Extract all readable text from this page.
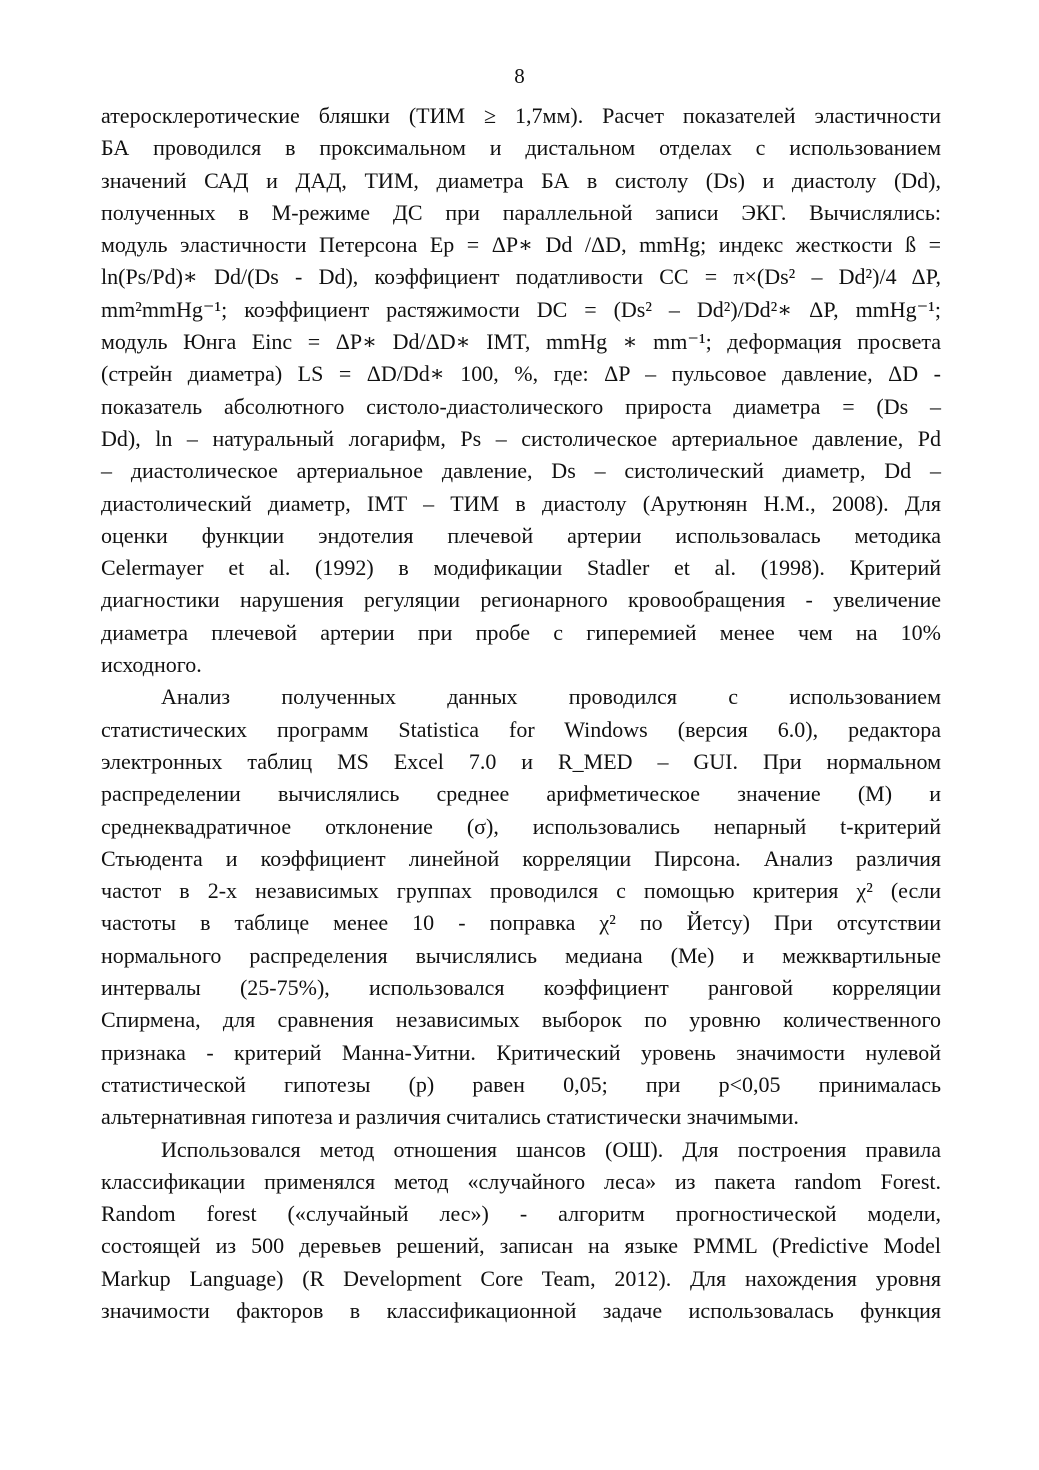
8
атеросклеротические бляшки (ТИМ ≥ 1,7мм). Расчет показателей эластичности
БА проводился в проксимальном и дистальном отделах с использованием
значений САД и ДАД, ТИМ, диаметра БА в систолу (Ds) и диастолу (Dd),
полученных в М-режиме ДС при параллельной записи ЭКГ. Вычислялись:
модуль эластичности Петерсона Ep = ΔP∗ Dd /ΔD, mmHg; индекс жесткости ß =
ln(Ps/Pd)∗ Dd/(Ds - Dd), коэффициент податливости CC = π×(Ds² – Dd²)/4 ΔP,
mm²mmHg⁻¹; коэффициент растяжимости DC = (Ds² – Dd²)/Dd²∗ ΔP, mmHg⁻¹;
модуль Юнга Einc = ΔP∗ Dd/ΔD∗ IMT, mmHg ∗ mm⁻¹; деформация просвета
(стрейн диаметра) LS = ΔD/Dd∗ 100, %, где: ΔP – пульсовое давление, ΔD -
показатель абсолютного систоло-диастолического прироста диаметра = (Ds –
Dd), ln – натуральный логарифм, Ps – систолическое артериальное давление, Pd
– диастолическое артериальное давление, Ds – систолический диаметр, Dd –
диастолический диаметр, IMT – ТИМ в диастолу (Арутюнян Н.М., 2008). Для
оценки функции эндотелия плечевой артерии использовалась методика
Celermayer et al. (1992) в модификации Stadler et al. (1998). Критерий
диагностики нарушения регуляции регионарного кровообращения - увеличение
диаметра плечевой артерии при пробе с гиперемией менее чем на 10%
исходного.
Анализ полученных данных проводился с использованием
статистических программ Statistica for Windows (версия 6.0), редактора
электронных таблиц MS Excel 7.0 и R_MED – GUI. При нормальном
распределении вычислялись среднее арифметическое значение (М) и
среднеквадратичное отклонение (σ), использовались непарный t-критерий
Стьюдента и коэффициент линейной корреляции Пирсона. Анализ различия
частот в 2-х независимых группах проводился с помощью критерия χ² (если
частоты в таблице менее 10 - поправка χ² по Йетсу) При отсутствии
нормального распределения вычислялись медиана (Ме) и межквартильные
интервалы (25-75%), использовался коэффициент ранговой корреляции
Спирмена, для сравнения независимых выборок по уровню количественного
признака - критерий Манна-Уитни. Критический уровень значимости нулевой
статистической гипотезы (р) равен 0,05; при р<0,05 принималась
альтернативная гипотеза и различия считались статистически значимыми.
Использовался метод отношения шансов (ОШ). Для построения правила
классификации применялся метод «случайного леса» из пакета random Forest.
Random forest («случайный лес») - алгоритм прогностической модели,
состоящей из 500 деревьев решений, записан на языке PMML (Predictive Model
Markup Language) (R Development Core Team, 2012). Для нахождения уровня
значимости факторов в классификационной задаче использовалась функция
